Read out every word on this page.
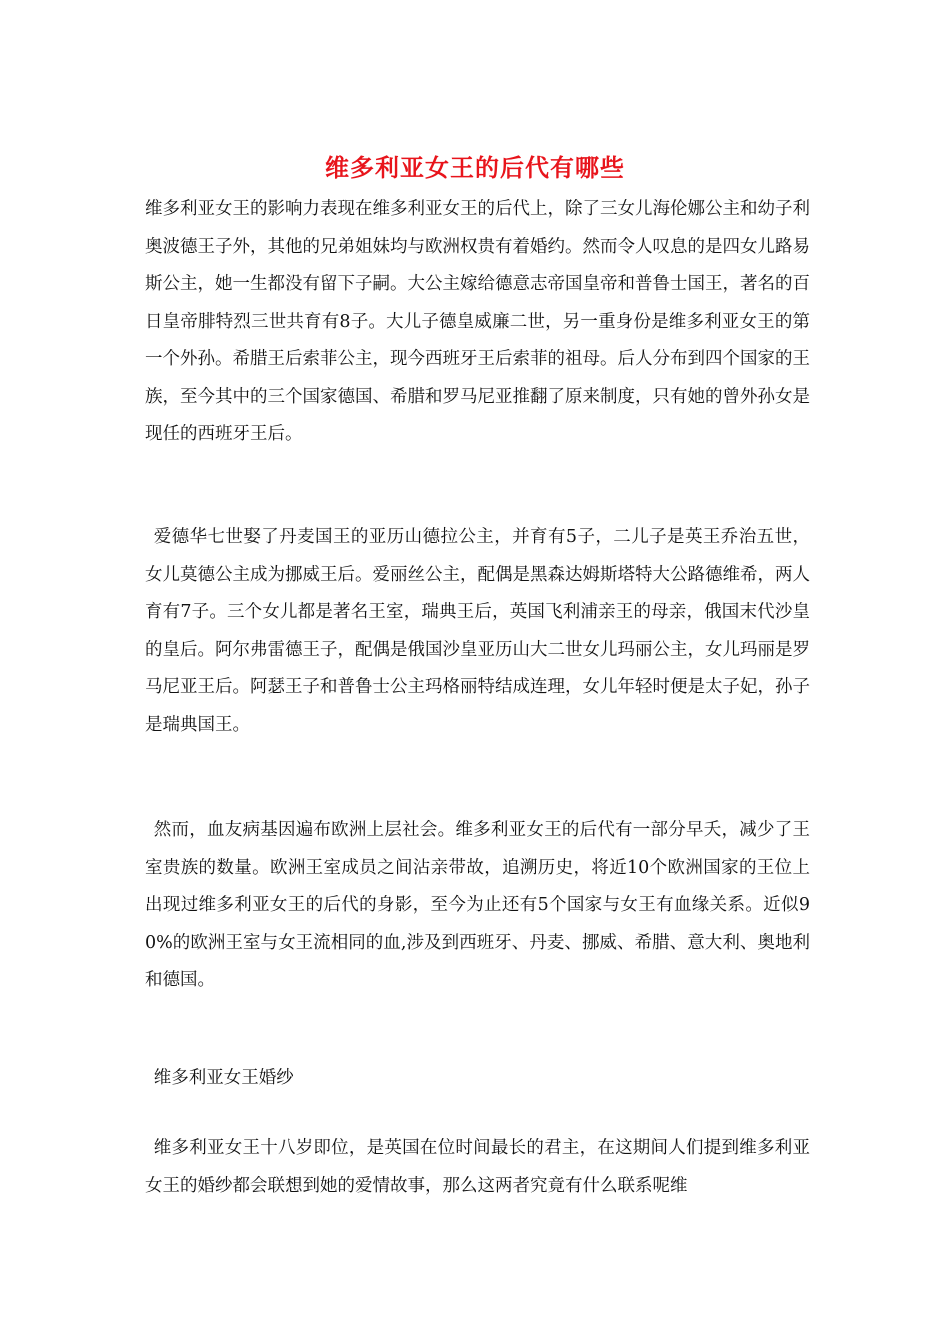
维多利亚女王的后代有哪些

维多利亚女王的影响力表现在维多利亚女王的后代上，除了三女儿海伦娜公主和幼子利奥波德王子外，其他的兄弟姐妹均与欧洲权贵有着婚约。然而令人叹息的是四女儿路易斯公主，她一生都没有留下子嗣。大公主嫁给德意志帝国皇帝和普鲁士国王，著名的百日皇帝腓特烈三世共育有8子。大儿子德皇威廉二世，另一重身份是维多利亚女王的第一个外孙。希腊王后索菲公主，现今西班牙王后索菲的祖母。后人分布到四个国家的王族，至今其中的三个国家德国、希腊和罗马尼亚推翻了原来制度，只有她的曾外孙女是现任的西班牙王后。

爱德华七世娶了丹麦国王的亚历山德拉公主，并育有5子，二儿子是英王乔治五世，女儿莫德公主成为挪威王后。爱丽丝公主，配偶是黑森达姆斯塔特大公路德维希，两人育有7子。三个女儿都是著名王室，瑞典王后，英国飞利浦亲王的母亲，俄国末代沙皇的皇后。阿尔弗雷德王子，配偶是俄国沙皇亚历山大二世女儿玛丽公主，女儿玛丽是罗马尼亚王后。阿瑟王子和普鲁士公主玛格丽特结成连理，女儿年轻时便是太子妃，孙子是瑞典国王。

然而，血友病基因遍布欧洲上层社会。维多利亚女王的后代有一部分早夭，减少了王室贵族的数量。欧洲王室成员之间沾亲带故，追溯历史，将近10个欧洲国家的王位上出现过维多利亚女王的后代的身影，至今为止还有5个国家与女王有血缘关系。近似90%的欧洲王室与女王流相同的血,涉及到西班牙、丹麦、挪威、希腊、意大利、奥地利和德国。

维多利亚女王婚纱

维多利亚女王十八岁即位，是英国在位时间最长的君主，在这期间人们提到维多利亚女王的婚纱都会联想到她的爱情故事，那么这两者究竟有什么联系呢维
